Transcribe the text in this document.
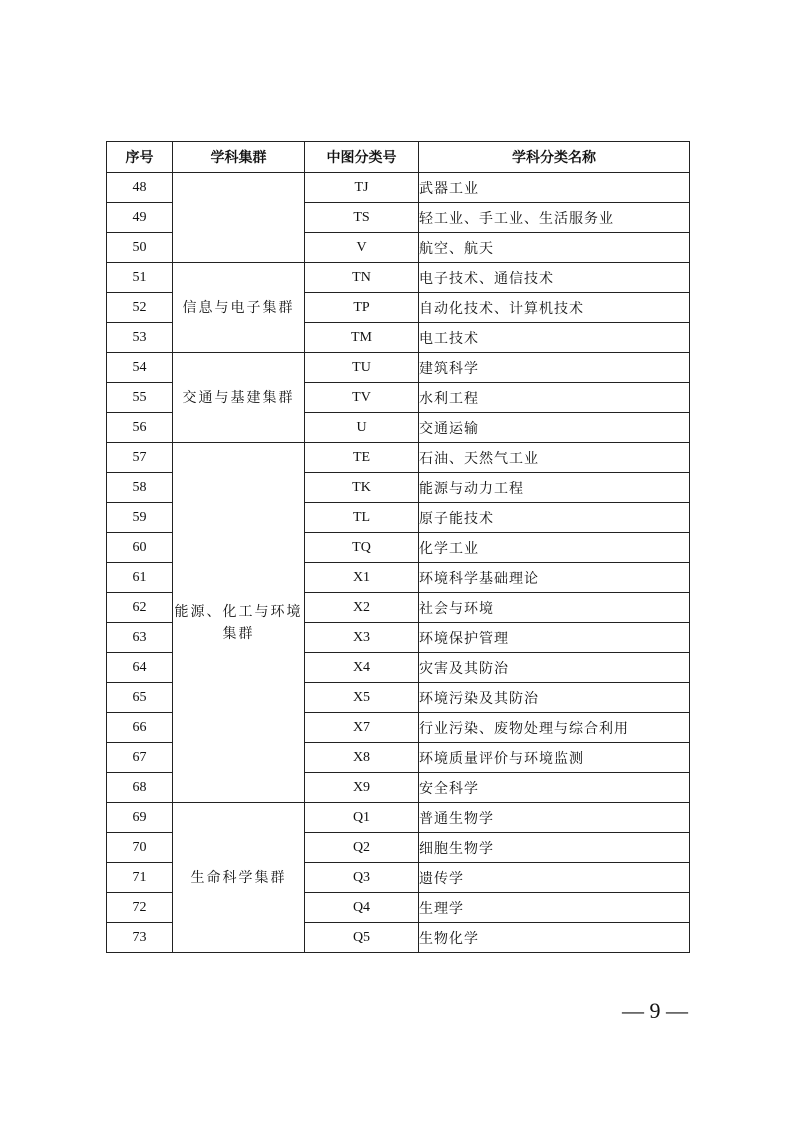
序号	学科集群	中图分类号	学科分类名称
48		TJ	武器工业
49		TS	轻工业、手工业、生活服务业
50		V	航空、航天
51	信息与电子集群	TN	电子技术、通信技术
52		TP	自动化技术、计算机技术
53		TM	电工技术
54	交通与基建集群	TU	建筑科学
55		TV	水利工程
56		U	交通运输
57	能源、化工与环境集群	TE	石油、天然气工业
58		TK	能源与动力工程
59		TL	原子能技术
60		TQ	化学工业
61		X1	环境科学基础理论
62		X2	社会与环境
63		X3	环境保护管理
64		X4	灾害及其防治
65		X5	环境污染及其防治
66		X7	行业污染、废物处理与综合利用
67		X8	环境质量评价与环境监测
68		X9	安全科学
69	生命科学集群	Q1	普通生物学
70		Q2	细胞生物学
71		Q3	遗传学
72		Q4	生理学
73		Q5	生物化学
— 9 —
